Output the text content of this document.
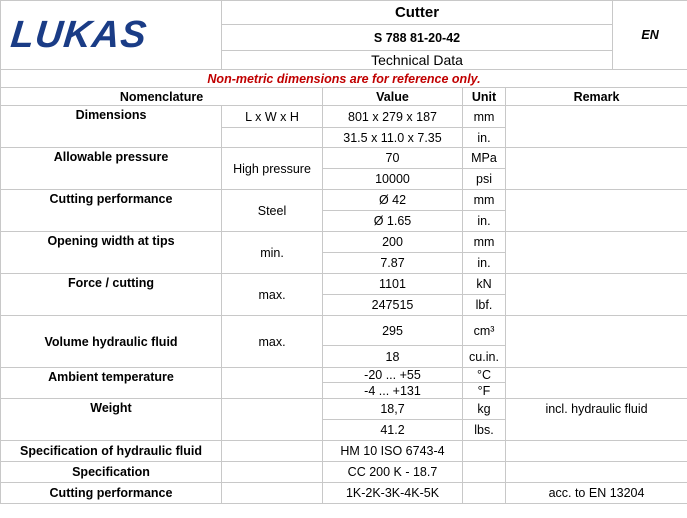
LUKAS	Cutter				EN
	S 788 81-20-42				
	Technical Data				
Non-metric dimensions are for reference only.					
Nomenclature		Value	Unit	Remark	
Dimensions	L x W x H	801 x 279 x 187	mm		
		31.5 x 11.0 x 7.35	in.		
Allowable pressure	High pressure	70	MPa		
		10000	psi		
Cutting performance	Steel	Ø 42	mm		
		Ø 1.65	in.		
Opening width at tips	min.	200	mm		
		7.87	in.		
Force / cutting	max.	1101	kN		
		247515	lbf.		
Volume hydraulic fluid	max.	295	cm³		
		18	cu.in.		
Ambient temperature		-20 ... +55	°C		
		-4 ... +131	°F		
Weight		18,7	kg	incl. hydraulic fluid	
		41.2	lbs.		
Specification of hydraulic fluid		HM 10 ISO 6743-4			
Specification		CC 200 K - 18.7			
Cutting performance		1K-2K-3K-4K-5K		acc. to EN 13204	
